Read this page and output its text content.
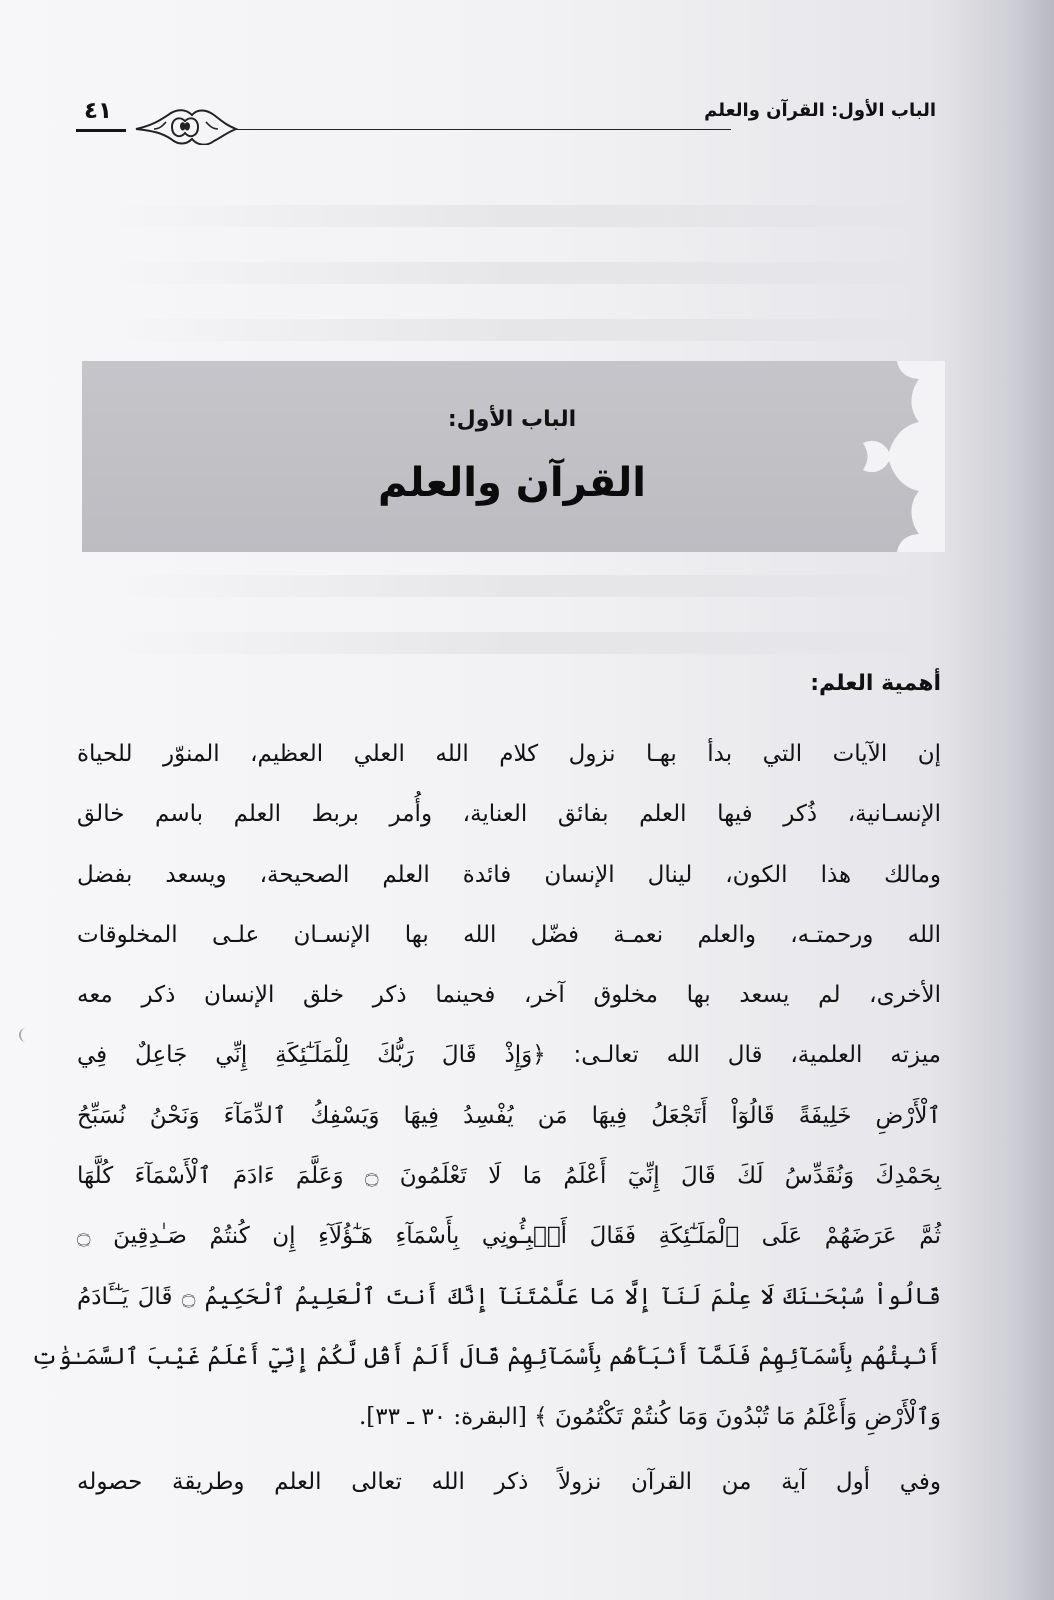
الباب الأول: القرآن والعلم
٤١
الباب الأول:
القرآن والعلم
أهمية العلم:
إن الآيات التي بدأ بهـا نزول كلام الله العلي العظيم، المنوّر للحياة
الإنسـانية، ذُكر فيها العلم بفائق العناية، وأُمر بربط العلم باسم خالق
ومالك هذا الكون، لينال الإنسان فائدة العلم الصحيحة، ويسعد بفضل
الله ورحمتـه، والعلم نعمـة فضّل الله بها الإنسـان علـى المخلوقات
الأخرى، لم يسعد بها مخلوق آخر، فحينما ذكر خلق الإنسان ذكر معه
ميزته العلمية، قال الله تعالـى: ﴿وَإِذْ قَالَ رَبُّكَ لِلْمَلَـٰٓئِكَةِ إِنِّي جَاعِلٌ فِي
ٱلْأَرْضِ خَلِيفَةً قَالُوٓاْ أَتَجْعَلُ فِيهَا مَن يُفْسِدُ فِيهَا وَيَسْفِكُ ٱلدِّمَآءَ وَنَحْنُ نُسَبِّحُ
بِحَمْدِكَ وَنُقَدِّسُ لَكَ قَالَ إِنِّيٓ أَعْلَمُ مَا لَا تَعْلَمُونَ ۝ وَعَلَّمَ ءَادَمَ ٱلْأَسْمَآءَ كُلَّهَا
ثُمَّ عَرَضَهُمْ عَلَى ٱلْمَلَـٰٓئِكَةِ فَقَالَ أَنۢبِـُٔونِي بِأَسْمَآءِ هَـٰٓؤُلَآءِ إِن كُنتُمْ صَـٰدِقِينَ ۝
قَالُواْ سُبْحَـٰنَكَ لَا عِلْمَ لَنَآ إِلَّا مَا عَلَّمْتَنَآ إِنَّكَ أَنتَ ٱلْعَلِيمُ ٱلْحَكِيمُ ۝ قَالَ يَـٰٓـَٔادَمُ
أَنۢبِئْهُم بِأَسْمَآئِهِمْ فَلَمَّآ أَنۢبَأَهُم بِأَسْمَآئِهِمْ قَالَ أَلَمْ أَقُل لَّكُمْ إِنِّيٓ أَعْلَمُ غَيْبَ ٱلسَّمَـٰوَٰتِ
وَٱلْأَرْضِ وَأَعْلَمُ مَا تُبْدُونَ وَمَا كُنتُمْ تَكْتُمُونَ ﴾ [البقرة: ٣٠ ـ ٣٣].
وفي أول آية من القرآن نزولاً ذكر الله تعالى العلم وطريقة حصوله
